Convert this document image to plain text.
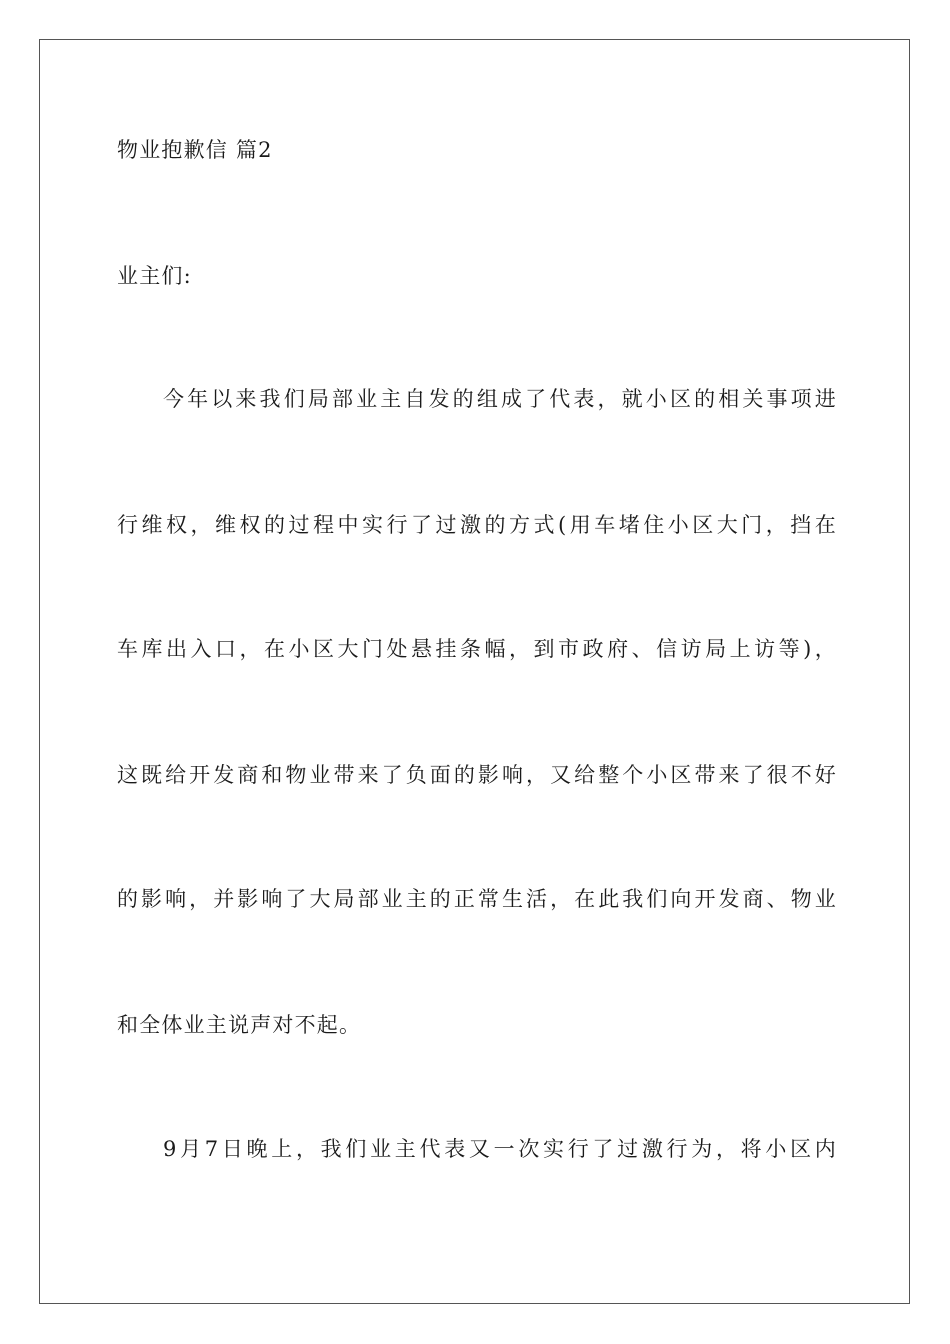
物业抱歉信 篇2
业主们:
今年以来我们局部业主自发的组成了代表，就小区的相关事项进
行维权，维权的过程中实行了过激的方式(用车堵住小区大门，挡在
车库出入口，在小区大门处悬挂条幅，到市政府、信访局上访等)，
这既给开发商和物业带来了负面的影响，又给整个小区带来了很不好
的影响，并影响了大局部业主的正常生活，在此我们向开发商、物业
和全体业主说声对不起。
9月7日晚上，我们业主代表又一次实行了过激行为，将小区内
